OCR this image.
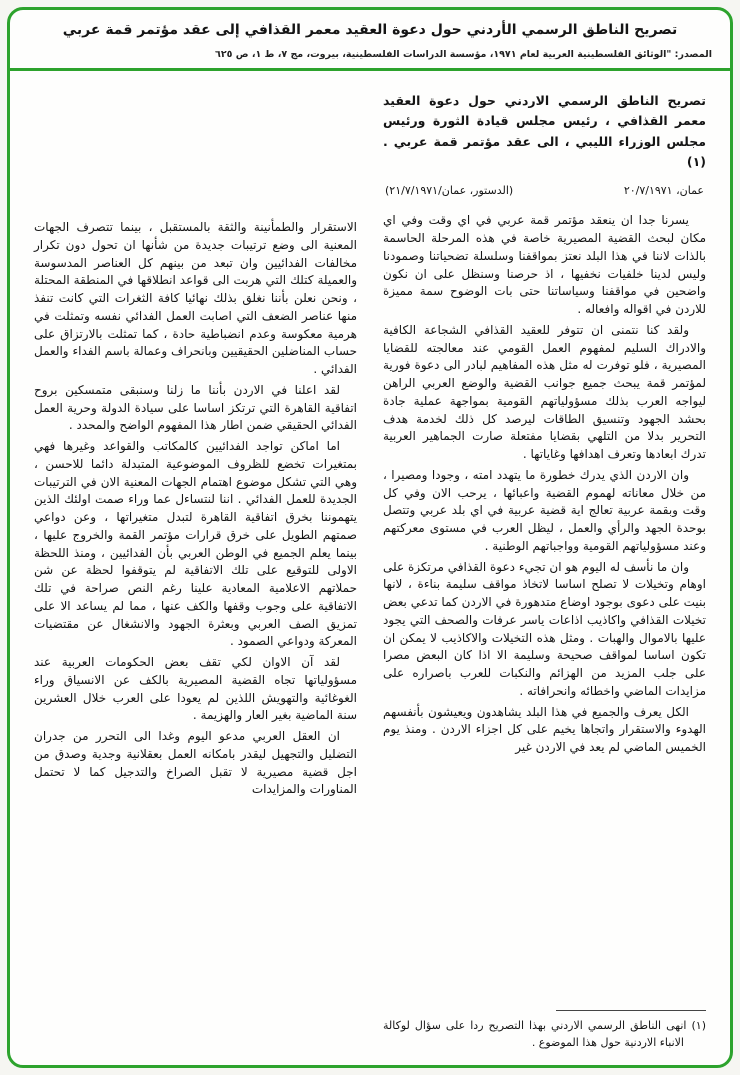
تصريح الناطق الرسمي الأردني حول دعوة العقيد معمر القذافي إلى عقد مؤتمر قمة عربي
المصدر: "الوثائق الفلسطينية العربية لعام ١٩٧١، مؤسسة الدراسات الفلسطينية، بيروت، مج ٧، ط ١، ص ٦٢٥
تصريح الناطق الرسمي الاردني حول دعوة العقيد معمر القذافي ، رئيس مجلس قيادة الثورة ورئيس مجلس الوزراء الليبي ، الى عقد مؤتمر قمة عربي . (١)
عمان، ٢٠/٧/١٩٧١
(الدستور، عمان/٢١/٧/١٩٧١)

يسرنا جدا ان ينعقد مؤتمر قمة عربي في اي وقت وفي اي مكان لبحث القضية المصيرية خاصة في هذه المرحلة الحاسمة بالذات لاننا في هذا البلد نعتز بمواقفنا وسلسلة تضحياتنا وصمودنا وليس لدينا خلفيات نخفيها ، اذ حرصنا وسنظل على ان نكون واضحين في مواقفنا وسياساتنا حتى بات الوضوح سمة مميزة للاردن في اقواله وافعاله .

ولقد كنا نتمنى ان تتوفر للعقيد القذافي الشجاعة الكافية والادراك السليم لمفهوم العمل القومي عند معالجته للقضايا المصيرية ، فلو توفرت له مثل هذه المفاهيم لبادر الى دعوة فورية لمؤتمر قمة يبحث جميع جوانب القضية والوضع العربي الراهن ليواجه العرب بذلك مسؤولياتهم القومية بمواجهة عملية جادة بحشد الجهود وتنسيق الطاقات ليرصد كل ذلك لخدمة هدف التحرير بدلا من التلهي بقضايا مفتعلة صارت الجماهير العربية تدرك ابعادها وتعرف اهدافها وغاياتها .

وان الاردن الذي يدرك خطورة ما يتهدد امته ، وجودا ومصيرا ، من خلال معاناته لهموم القضية واعبائها ، يرحب الان وفي كل وقت وبقمة عربية تعالج اية قضية عربية في اي بلد عربي وتتصل بوحدة الجهد والرأي والعمل ، ليظل العرب في مستوى معركتهم وعند مسؤولياتهم القومية وواجباتهم الوطنية .

وان ما نأسف له اليوم هو ان تجيء دعوة القذافي مرتكزة على اوهام وتخيلات لا تصلح اساسا لاتخاذ مواقف سليمة بناءة ، لانها بنيت على دعوى بوجود اوضاع متدهورة في الاردن كما تدعي بعض تخيلات القذافي واكاذيب اذاعات ياسر عرفات والصحف التي يجود عليها بالاموال والهبات . ومثل هذه التخيلات والاكاذيب لا يمكن ان تكون اساسا لمواقف صحيحة وسليمة الا اذا كان البعض مصرا على جلب المزيد من الهزائم والنكبات للعرب باصراره على مزايدات الماضي واخطائه وانحرافاته .

الكل يعرف والجميع في هذا البلد يشاهدون ويعيشون بأنفسهم الهدوء والاستقرار واتجاها يخيم على كل اجزاء الاردن . ومنذ يوم الخميس الماضي لم يعد في الاردن غير

(١) انهى الناطق الرسمي الاردني بهذا التصريح ردا على سؤال لوكالة الانباء الاردنية حول هذا الموضوع .

الاستقرار والطمأنينة والثقة بالمستقبل ، بينما تتصرف الجهات المعنية الى وضع ترتيبات جديدة من شأنها ان تحول دون تكرار مخالفات الفدائيين وان تبعد من بينهم كل العناصر المدسوسة والعميلة كتلك التي هربت الى قواعد انطلاقها في المنطقة المحتلة ، ونحن نعلن بأننا نغلق بذلك نهائيا كافة الثغرات التي كانت تنفذ منها عناصر الضعف التي اصابت العمل الفدائي نفسه وتمثلت في هرمية معكوسة وعدم انضباطية حادة ، كما تمثلت بالارتزاق على حساب المناضلين الحقيقيين وبانحراف وعمالة باسم الفداء والعمل الفدائي .

لقد اعلنا في الاردن بأننا ما زلنا وسنبقى متمسكين بروح اتفاقية القاهرة التي ترتكز اساسا على سيادة الدولة وحرية العمل الفدائي الحقيقي ضمن اطار هذا المفهوم الواضح والمحدد .

اما اماكن تواجد الفدائيين كالمكاتب والقواعد وغيرها فهي بمتغيرات تخضع للظروف الموضوعية المتبدلة دائما للاحسن ، وهي التي تشكل موضوع اهتمام الجهات المعنية الان في الترتيبات الجديدة للعمل الفدائي . اننا لنتساءل عما وراء صمت اولئك الذين يتهموننا بخرق اتفاقية القاهرة لتبدل متغيراتها ، وعن دواعي صمتهم الطويل على خرق قرارات مؤتمر القمة والخروج عليها ، بينما يعلم الجميع في الوطن العربي بأن الفدائيين ، ومنذ اللحظة الاولى للتوقيع على تلك الاتفاقية لم يتوقفوا لحظة عن شن حملاتهم الاعلامية المعادية علينا رغم النص صراحة في تلك الاتفاقية على وجوب وقفها والكف عنها ، مما لم يساعد الا على تمزيق الصف العربي وبعثرة الجهود والانشغال عن مقتضيات المعركة ودواعي الصمود .

لقد آن الاوان لكي تقف بعض الحكومات العربية عند مسؤولياتها تجاه القضية المصيرية بالكف عن الانسياق وراء الغوغائية والتهويش اللذين لم يعودا على العرب خلال العشرين سنة الماضية بغير العار والهزيمة .

ان العقل العربي مدعو اليوم وغدا الى التحرر من جدران التضليل والتجهيل ليقدر بامكانه العمل بعقلانية وجدية وصدق من اجل قضية مصيرية لا تقبل الصراخ والتدجيل كما لا تحتمل المناورات والمزايدات
